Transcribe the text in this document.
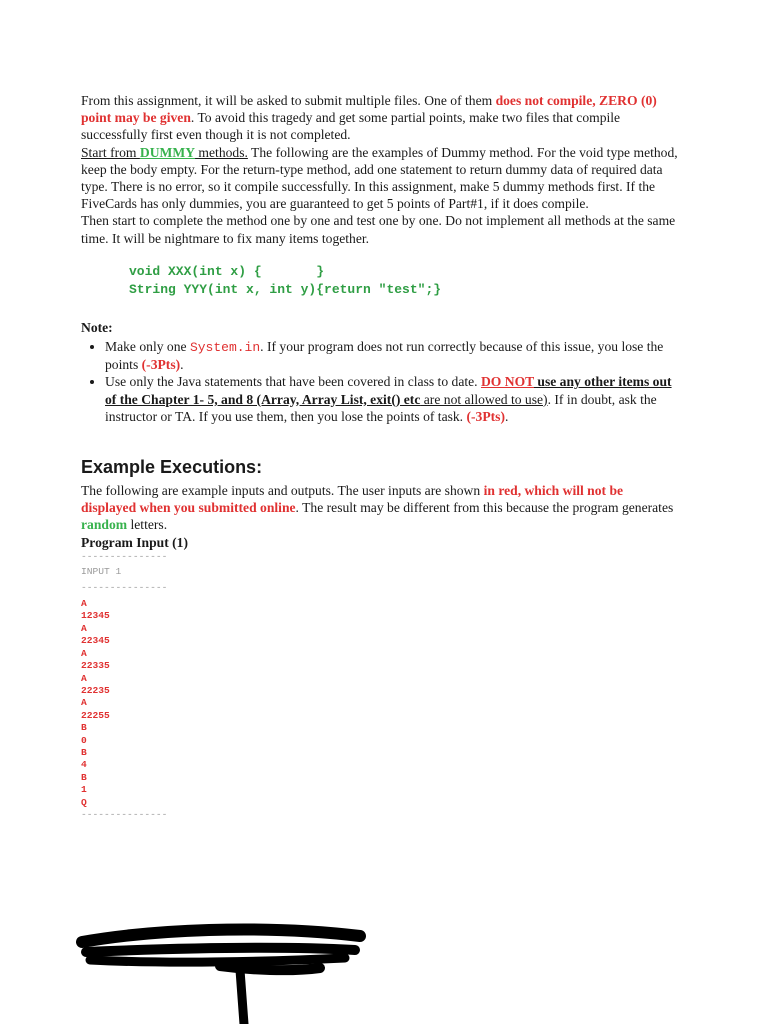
From this assignment, it will be asked to submit multiple files. One of them does not compile, ZERO (0) point may be given. To avoid this tragedy and get some partial points, make two files that compile successfully first even though it is not completed.

Start from DUMMY methods. The following are the examples of Dummy method. For the void type method, keep the body empty. For the return-type method, add one statement to return dummy data of required data type. There is no error, so it compile successfully. In this assignment, make 5 dummy methods first. If the FiveCards has only dummies, you are guaranteed to get 5 points of Part#1, if it does compile.

Then start to complete the method one by one and test one by one. Do not implement all methods at the same time. It will be nightmare to fix many items together.

void XXX(int x) {       }
String YYY(int x, int y){return "test";}

Note:

• Make only one System.in. If your program does not run correctly because of this issue, you lose the points (-3Pts).
• Use only the Java statements that have been covered in class to date. DO NOT use any other items out of the Chapter 1- 5, and 8 (Array, Array List, exit() etc are not allowed to use). If in doubt, ask the instructor or TA. If you use them, then you lose the points of task. (-3Pts).
Example Executions:

The following are example inputs and outputs. The user inputs are shown in red, which will not be displayed when you submitted online. The result may be different from this because the program generates random letters.

Program Input (1)

---------------

INPUT 1

---------------

A
12345
A
22345
A
22335
A
22235
A
22255
B
0
B
4
B
1
Q

---------------
